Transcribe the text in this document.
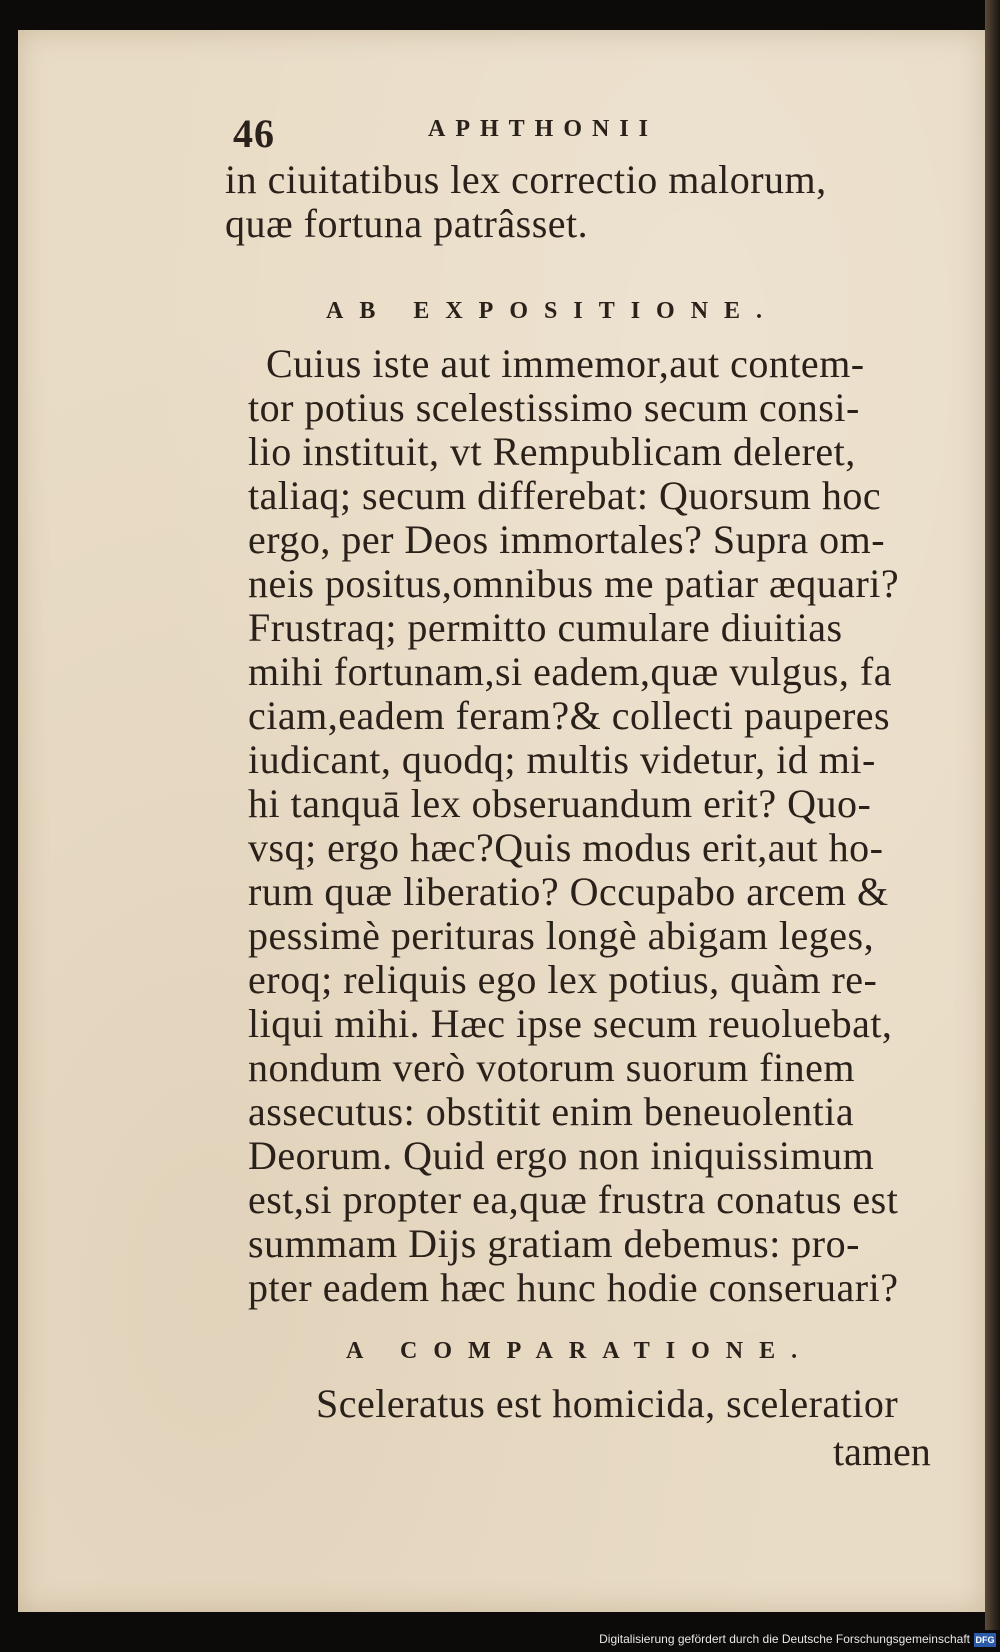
46	APHTHONII
in ciuitatibus lex correctio malorum,
quæ fortuna patrâsset.
AB EXPOSITIONE.
Cuius iste aut immemor,aut contem-
tor potius scelestissimo secum consi-
lio instituit, vt Rempublicam deleret,
taliaq; secum differebat: Quorsum hoc
ergo, per Deos immortales? Supra om-
neis positus,omnibus me patiar æquari?
Frustraq; permitto cumulare diuitias
mihi fortunam,si eadem,quæ vulgus, fa
ciam,eadem feram?& collecti pauperes
iudicant, quodq; multis videtur, id mi-
hi tanquā lex obseruandum erit? Quo-
vsq; ergo hæc?Quis modus erit,aut ho-
rum quæ liberatio? Occupabo arcem &
pessimè perituras longè abigam leges,
eroq; reliquis ego lex potius, quàm re-
liqui mihi. Hæc ipse secum reuoluebat,
nondum verò votorum suorum finem
assecutus: obstitit enim beneuolentia
Deorum. Quid ergo non iniquissimum
est,si propter ea,quæ frustra conatus est
summam Dijs gratiam debemus: pro-
pter eadem hæc hunc hodie conseruari?
A COMPARATIONE.
Sceleratus est homicida, sceleratior
tamen
Digitalisierung gefördert durch die Deutsche Forschungsgemeinschaft DFG
